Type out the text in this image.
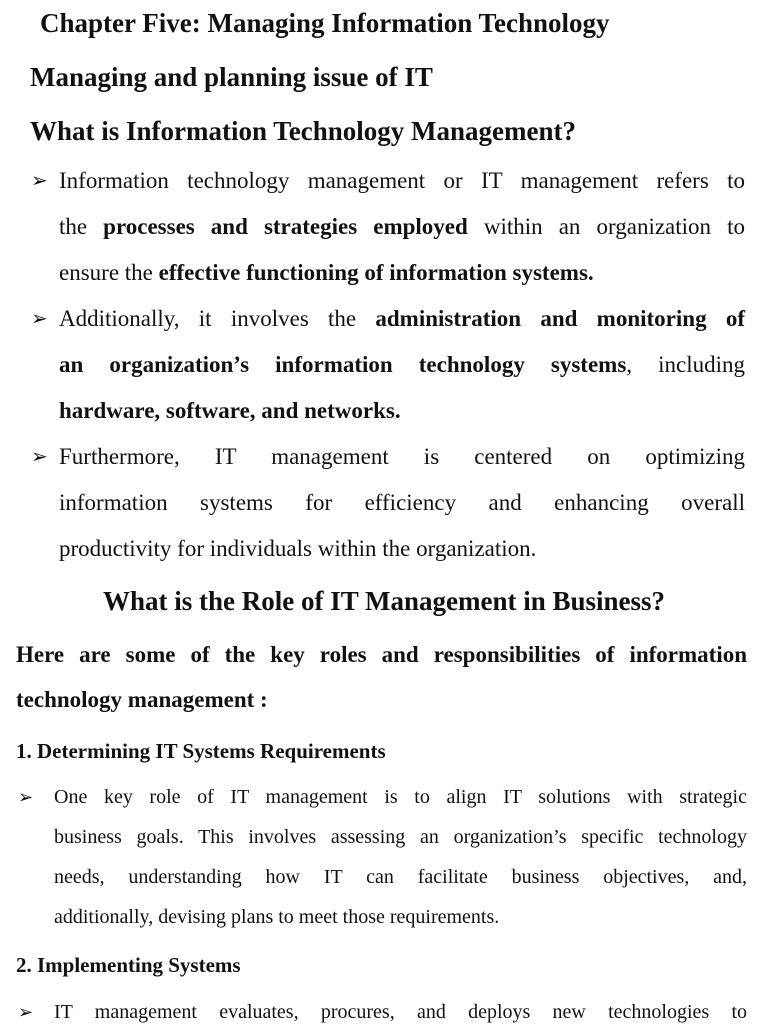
Chapter Five: Managing Information Technology
Managing and planning issue of IT
What is Information Technology Management?
➢ Information technology management or IT management refers to
the processes and strategies employed within an organization to
ensure the effective functioning of information systems.
➢ Additionally, it involves the administration and monitoring of
an organization’s information technology systems, including
hardware, software, and networks.
➢ Furthermore, IT management is centered on optimizing
information systems for efficiency and enhancing overall
productivity for individuals within the organization.
What is the Role of IT Management in Business?
Here are some of the key roles and responsibilities of information
technology management :
1. Determining IT Systems Requirements
➢ One key role of IT management is to align IT solutions with strategic
business goals. This involves assessing an organization’s specific technology
needs, understanding how IT can facilitate business objectives, and,
additionally, devising plans to meet those requirements.
2. Implementing Systems
➢ IT management evaluates, procures, and deploys new technologies to
